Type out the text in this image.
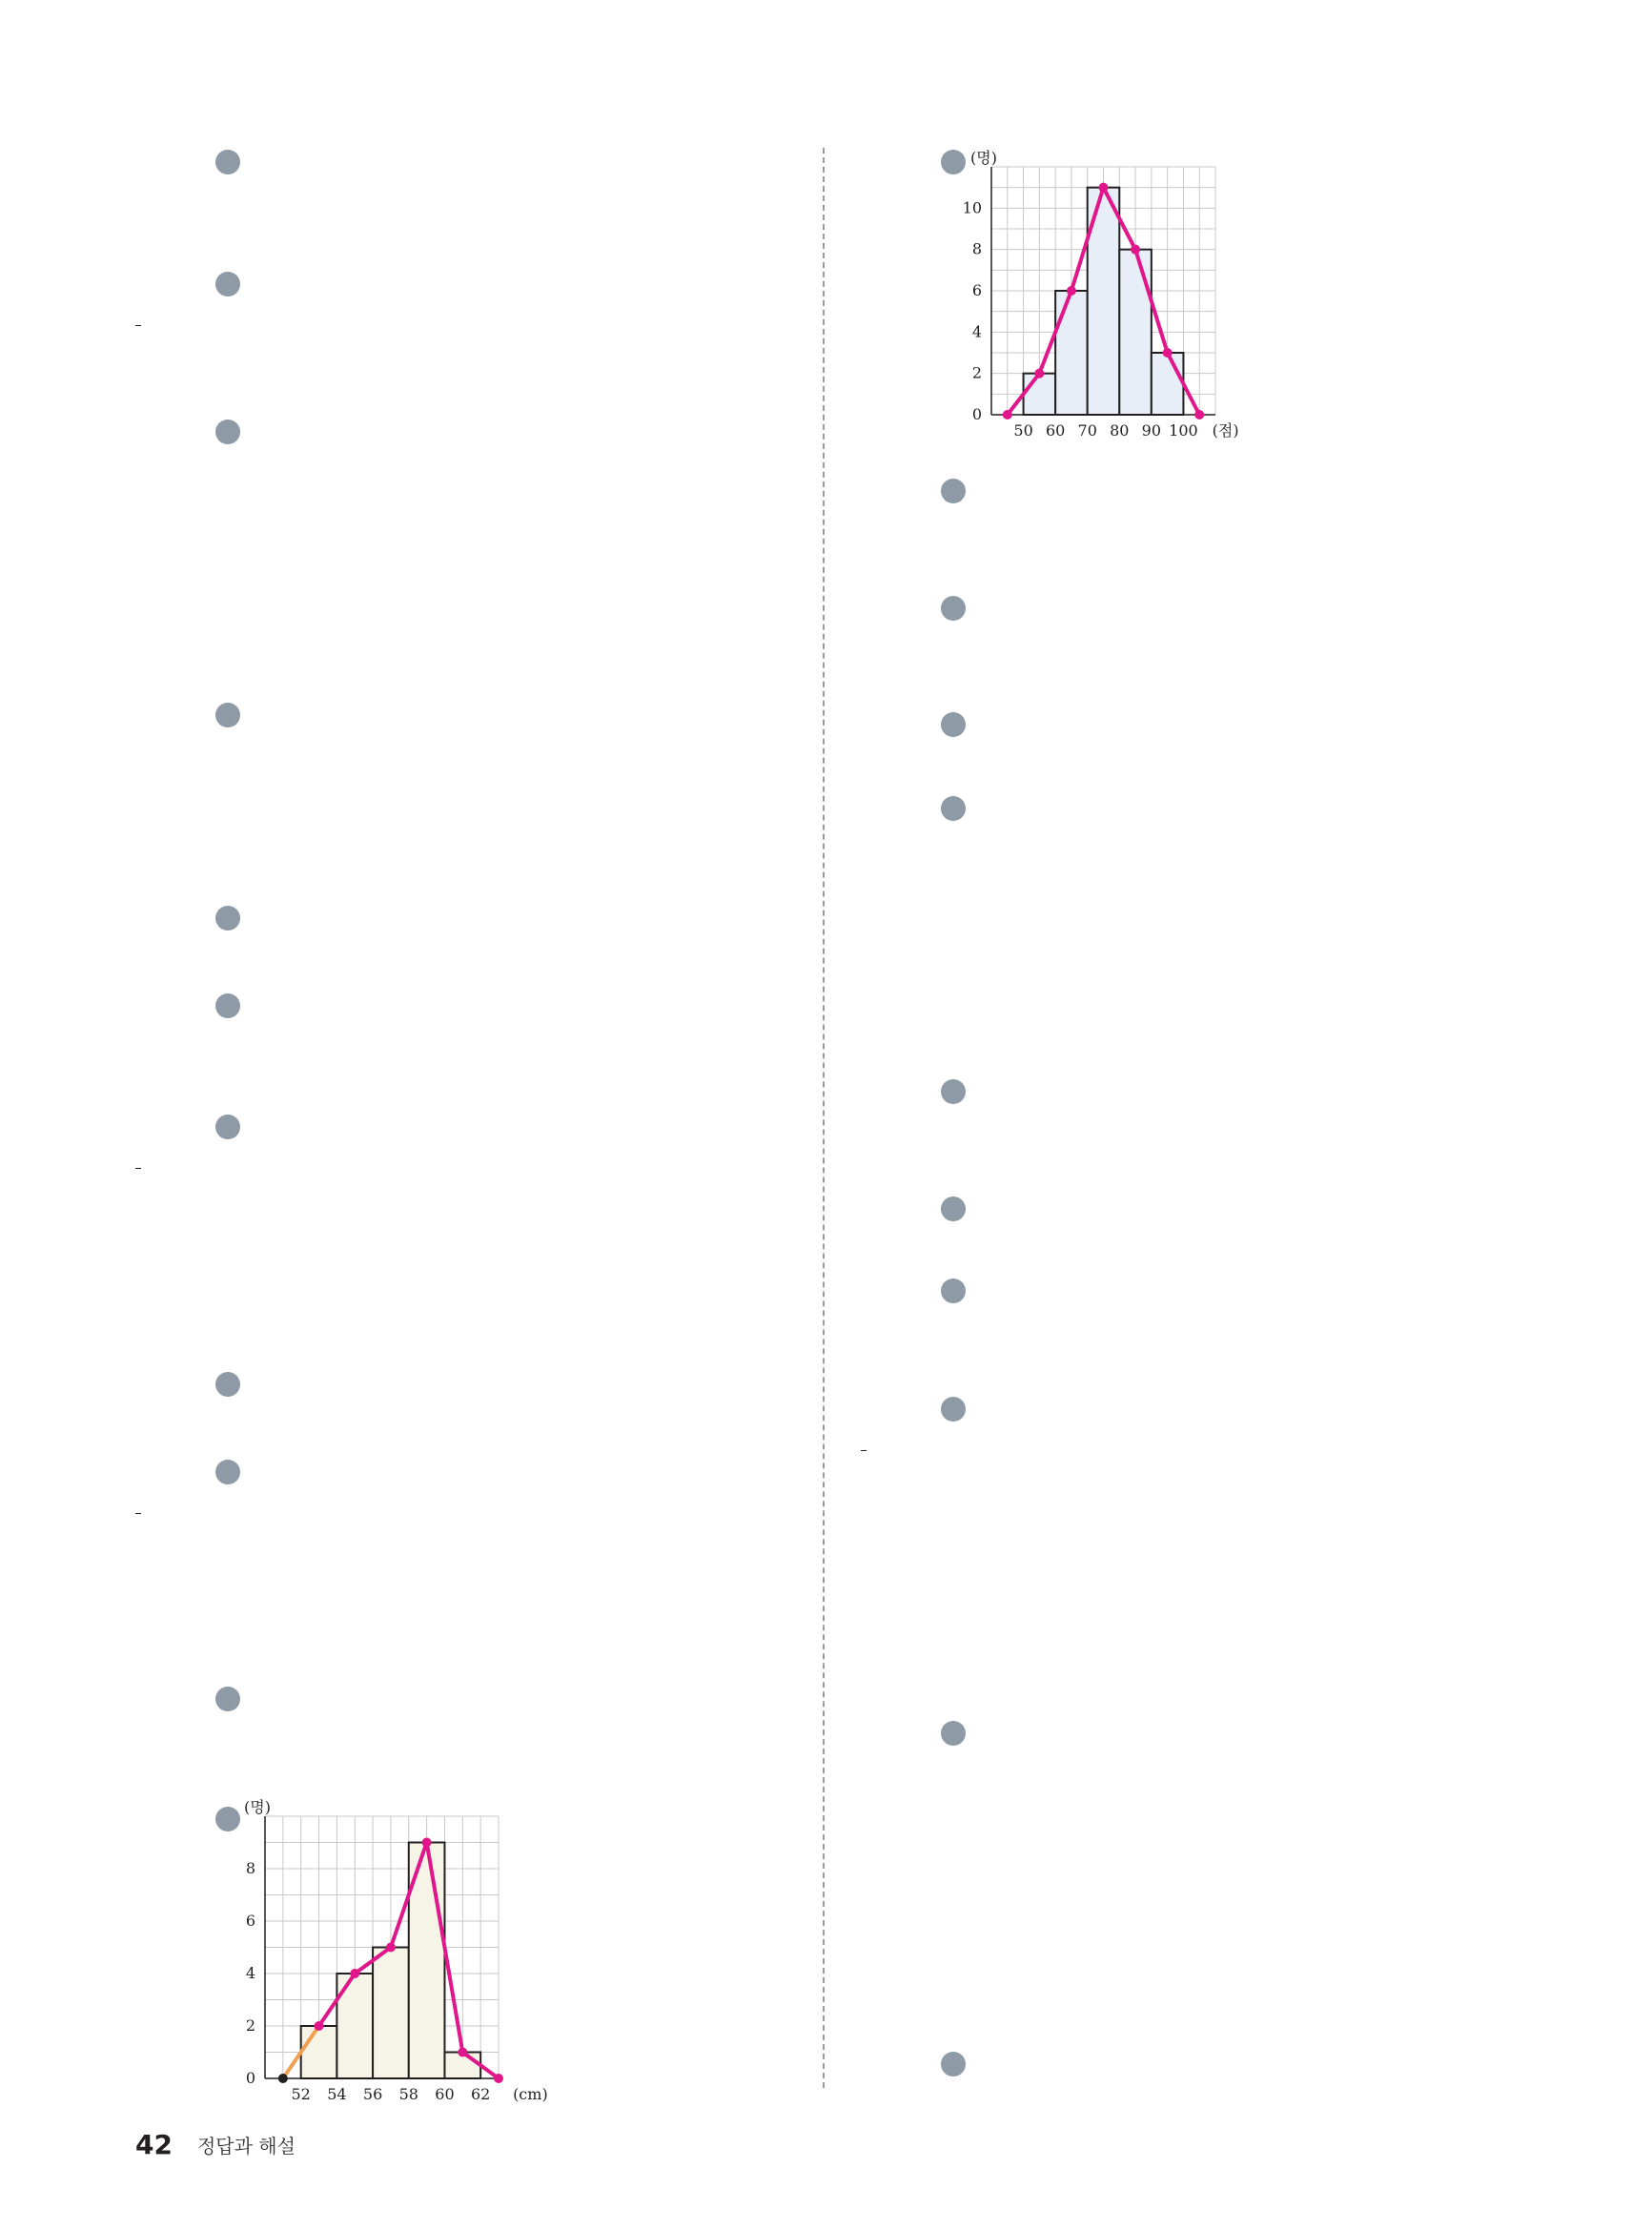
42 정답과 해설
52 54 56 58 60 62
0
2
4
6
8
(cm)
(명)
50 60 70 80 90 100
0
2
4
6
8
10
(점)
(명)
